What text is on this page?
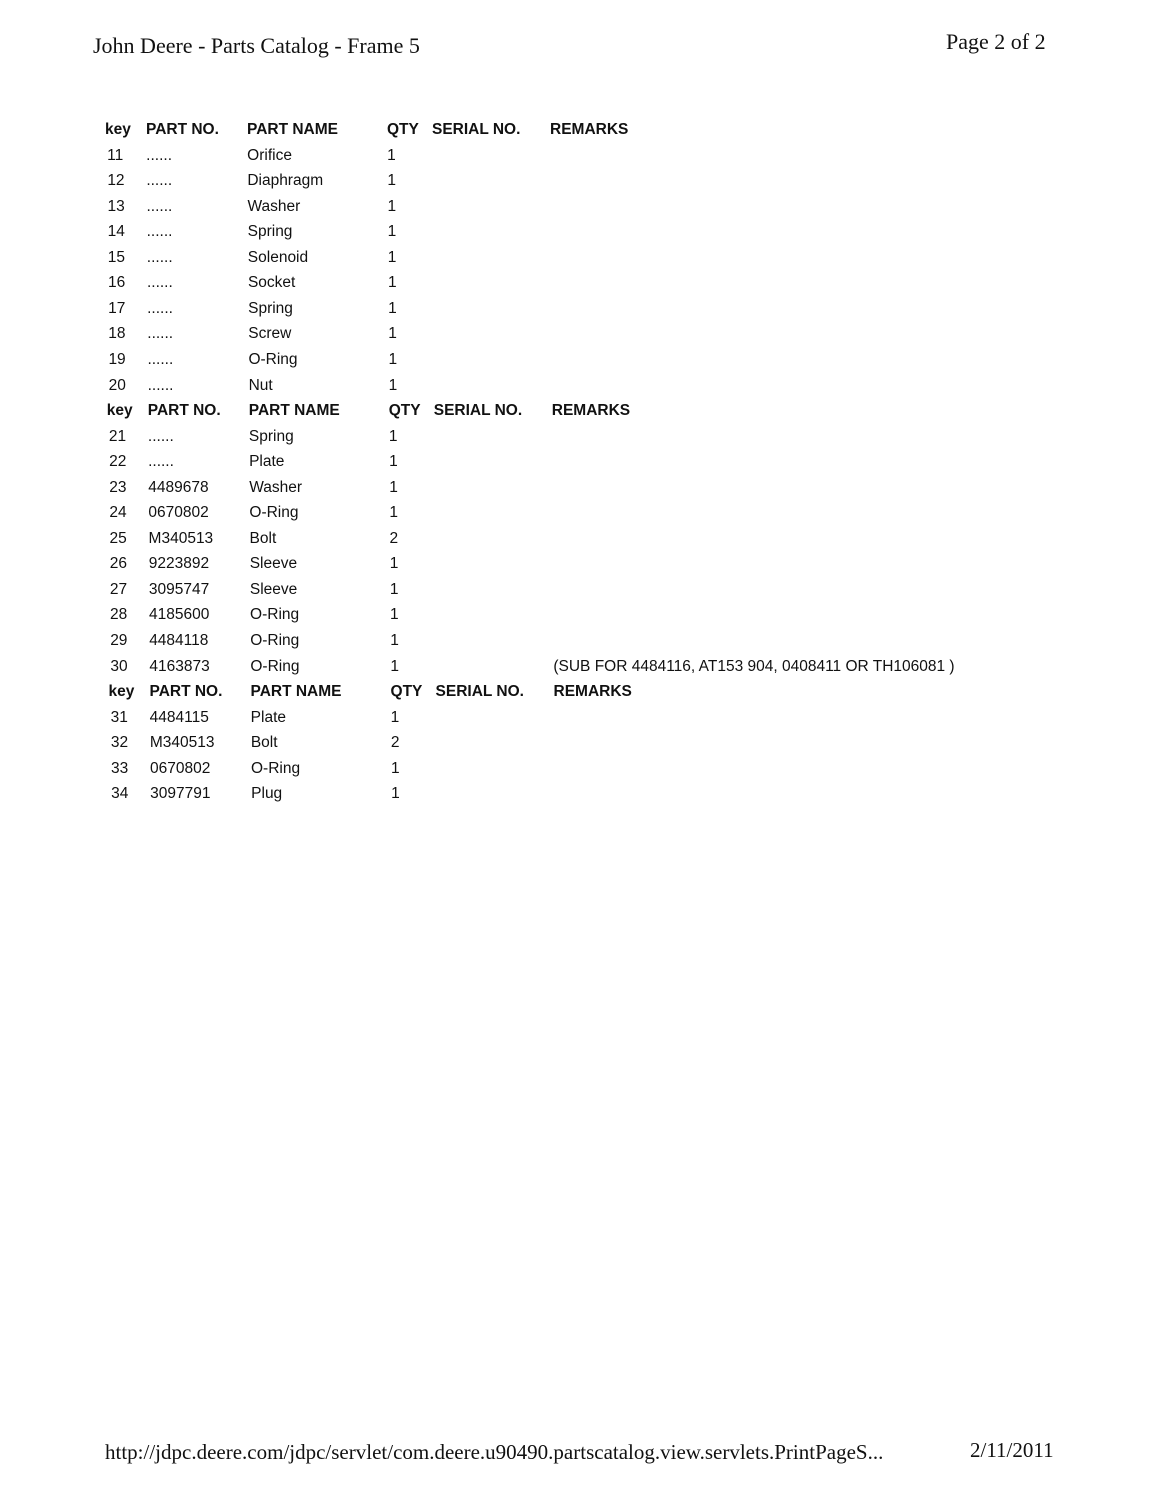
John Deere - Parts Catalog - Frame 5	Page 2 of 2
key PART NO. PART NAME	QTY SERIAL NO. REMARKS
11 ......	Orifice	1
12 ......	Diaphragm	1
13 ......	Washer	1
14 ......	Spring	1
15 ......	Solenoid	1
16 ......	Socket	1
17 ......	Spring	1
18 ......	Screw	1
19 ......	O-Ring	1
20 ......	Nut	1
key PART NO. PART NAME	QTY SERIAL NO. REMARKS
21 ......	Spring	1
22 ......	Plate	1
23 4489678	Washer	1
24 0670802	O-Ring	1
25 M340513 Bolt	2
26 9223892	Sleeve	1
27 3095747	Sleeve	1
28 4185600	O-Ring	1
29 4484118	O-Ring	1
30 4163873	O-Ring	1	(SUB FOR 4484116, AT153 904, 0408411 OR TH106081 )
key PART NO. PART NAME	QTY SERIAL NO. REMARKS
31 4484115	Plate	1
32 M340513 Bolt	2
33 0670802	O-Ring	1
34 3097791	Plug	1
http://jdpc.deere.com/jdpc/servlet/com.deere.u90490.partscatalog.view.servlets.PrintPageS...	2/11/2011
